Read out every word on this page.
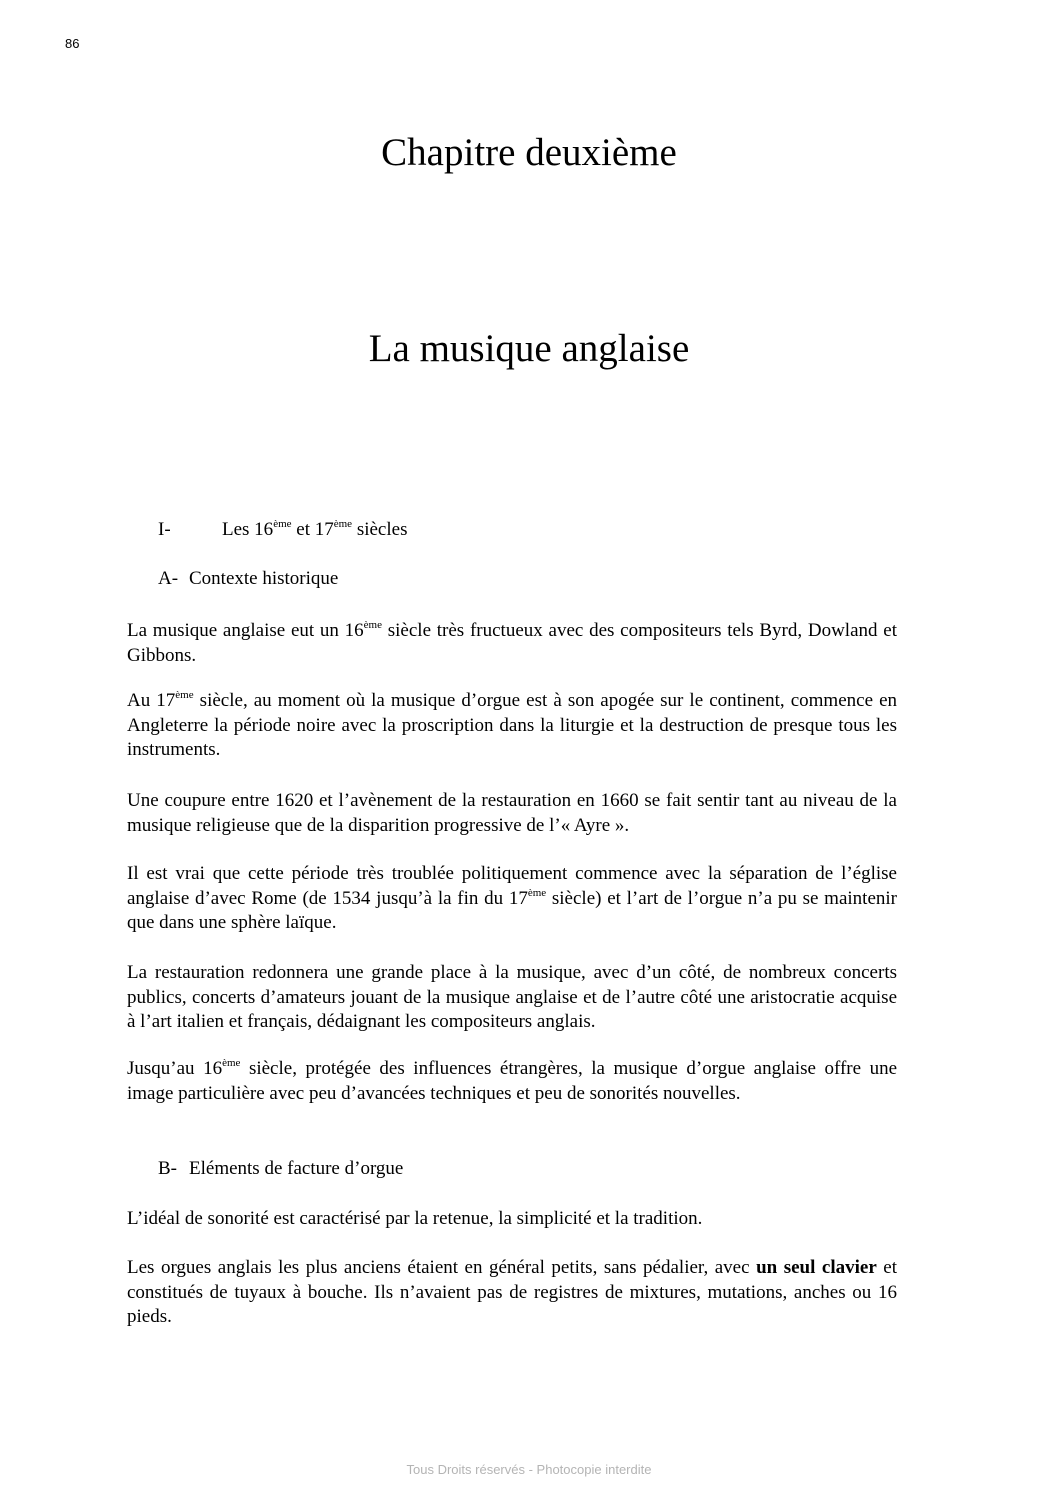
86
Chapitre deuxième
La musique anglaise
I-	Les 16ème et 17ème siècles
A- Contexte historique
La musique anglaise eut un 16ème siècle très fructueux avec des compositeurs tels Byrd, Dowland et Gibbons.
Au 17ème siècle, au moment où la musique d’orgue est à son apogée sur le continent, commence en Angleterre la période noire avec la proscription dans la liturgie et la destruction de presque tous les instruments.
Une coupure entre 1620 et l’avènement de la restauration en 1660 se fait sentir tant au niveau de la musique religieuse que de la disparition progressive de l’« Ayre ».
Il est vrai que cette période très troublée politiquement commence avec la séparation de l’église anglaise d’avec Rome (de 1534 jusqu’à la fin du 17ème siècle) et l’art de l’orgue n’a pu se maintenir que dans une sphère laïque.
La restauration redonnera une grande place à la musique, avec d’un côté, de nombreux concerts publics, concerts d’amateurs jouant de la musique anglaise et de l’autre côté une aristocratie acquise à l’art italien et français, dédaignant les compositeurs anglais.
Jusqu’au 16ème siècle, protégée des influences étrangères, la musique d’orgue anglaise offre une image particulière avec peu d’avancées techniques et peu de sonorités nouvelles.
B- Eléments de facture d’orgue
L’idéal de sonorité est caractérisé par la retenue, la simplicité et la tradition.
Les orgues anglais les plus anciens étaient en général petits, sans pédalier, avec un seul clavier et constitués de tuyaux à bouche. Ils n’avaient pas de registres de mixtures, mutations, anches ou 16 pieds.
Tous Droits réservés - Photocopie interdite
